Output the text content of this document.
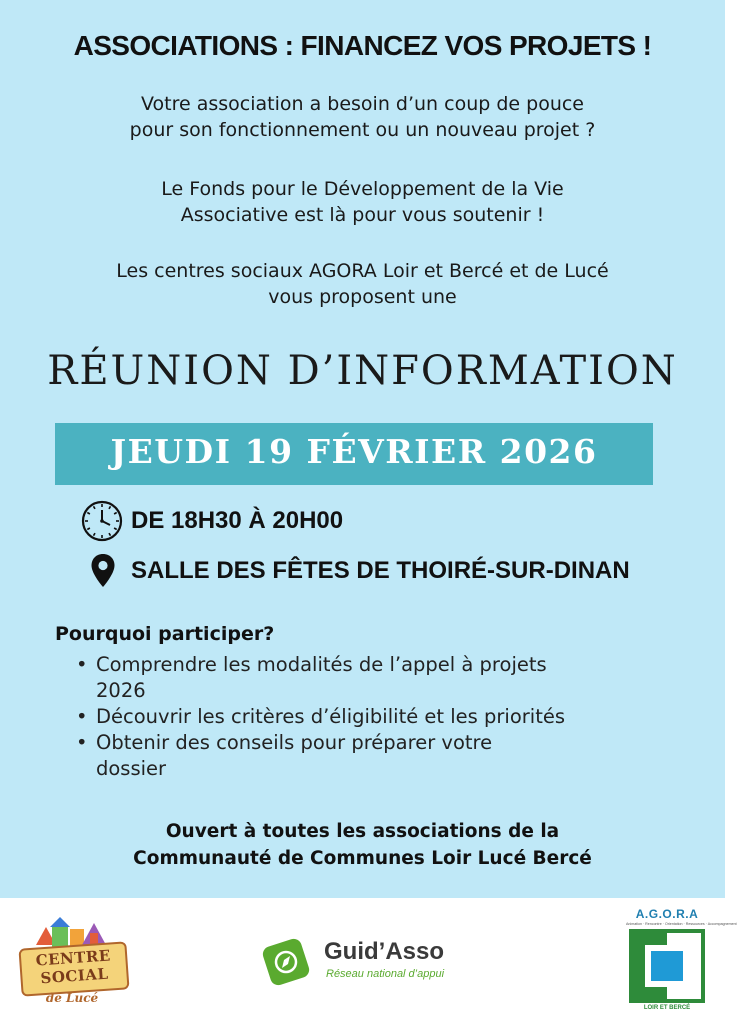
ASSOCIATIONS : FINANCEZ VOS PROJETS !
Votre association a besoin d’un coup de pouce
pour son fonctionnement ou un nouveau projet ?
Le Fonds pour le Développement de la Vie
Associative est là pour vous soutenir !
Les centres sociaux AGORA Loir et Bercé et de Lucé
vous proposent une
RÉUNION D’INFORMATION
JEUDI 19 FÉVRIER 2026
DE 18H30 À 20H00
SALLE DES FÊTES DE THOIRÉ-SUR-DINAN
Pourquoi participer?
• Comprendre les modalités de l’appel à projets
2026
• Découvrir les critères d’éligibilité et les priorités
• Obtenir des conseils pour préparer votre
dossier
Ouvert à toutes les associations de la
Communauté de Communes Loir Lucé Bercé
CENTRE
SOCIAL
de Lucé
Guid’Asso
Réseau national d’appui
A.G.O.R.A
Animation · Rencontre · Orientation · Ressources · Accompagnement
LOIR ET BERCÉ
